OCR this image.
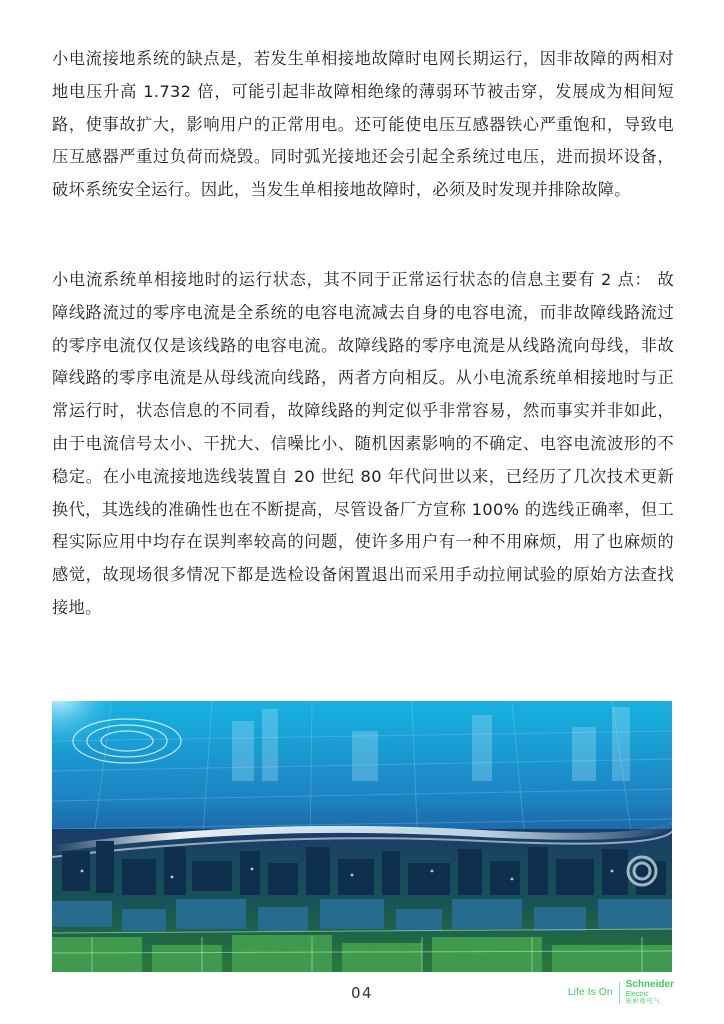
小电流接地系统的缺点是，若发生单相接地故障时电网长期运行，因非故障的两相对地电压升高 1.732 倍，可能引起非故障相绝缘的薄弱环节被击穿，发展成为相间短路，使事故扩大，影响用户的正常用电。还可能使电压互感器铁心严重饱和，导致电压互感器严重过负荷而烧毁。同时弧光接地还会引起全系统过电压，进而损坏设备，破坏系统安全运行。因此，当发生单相接地故障时，必须及时发现并排除故障。

小电流系统单相接地时的运行状态，其不同于正常运行状态的信息主要有 2 点： 故障线路流过的零序电流是全系统的电容电流减去自身的电容电流，而非故障线路流过的零序电流仅仅是该线路的电容电流。故障线路的零序电流是从线路流向母线，非故障线路的零序电流是从母线流向线路，两者方向相反。从小电流系统单相接地时与正常运行时，状态信息的不同看，故障线路的判定似乎非常容易，然而事实并非如此，由于电流信号太小、干扰大、信噪比小、随机因素影响的不确定、电容电流波形的不稳定。在小电流接地选线装置自 20 世纪 80 年代问世以来，已经历了几次技术更新换代，其选线的准确性也在不断提高，尽管设备厂方宣称 100% 的选线正确率，但工程实际应用中均存在误判率较高的问题，使许多用户有一种不用麻烦，用了也麻烦的感觉，故现场很多情况下都是选检设备闲置退出而采用手动拉闸试验的原始方法查找接地。

04	Life Is On
Schneider
Electric
施耐德电气
